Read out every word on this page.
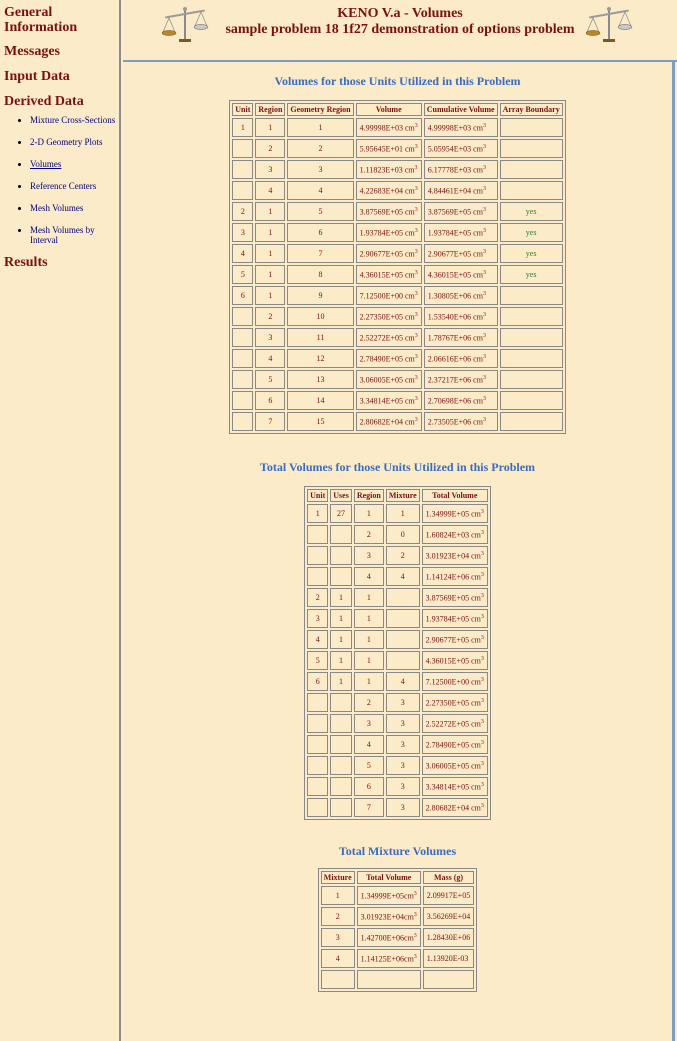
General Information
Messages
Input Data
Derived Data
• Mixture Cross-Sections
• 2-D Geometry Plots
• Volumes
• Reference Centers
• Mesh Volumes
• Mesh Volumes by Interval
Results
KENO V.a - Volumes
sample problem 18 1f27 demonstration of options problem

Volumes for those Units Utilized in this Problem

Unit	Region	Geometry Region	Volume	Cumulative Volume	Array Boundary
1	1	1	4.99998E+03 $cm^3$	4.99998E+03 $cm^3$	
	2	2	5.95645E+01 $cm^3$	5.05954E+03 $cm^3$	
	3	3	1.11823E+03 $cm^3$	6.17778E+03 $cm^3$	
	4	4	4.22683E+04 $cm^3$	4.84461E+04 $cm^3$	
2	1	5	3.87569E+05 $cm^3$	3.87569E+05 $cm^3$	yes
3	1	6	1.93784E+05 $cm^3$	1.93784E+05 $cm^3$	yes
4	1	7	2.90677E+05 $cm^3$	2.90677E+05 $cm^3$	yes
5	1	8	4.36015E+05 $cm^3$	4.36015E+05 $cm^3$	yes
6	1	9	7.12500E+00 $cm^3$	1.30805E+06 $cm^3$	
	2	10	2.27350E+05 $cm^3$	1.53540E+06 $cm^3$	
	3	11	2.52272E+05 $cm^3$	1.78767E+06 $cm^3$	
	4	12	2.78490E+05 $cm^3$	2.06616E+06 $cm^3$	
	5	13	3.06005E+05 $cm^3$	2.37217E+06 $cm^3$	
	6	14	3.34814E+05 $cm^3$	2.70698E+06 $cm^3$	
	7	15	2.80682E+04 $cm^3$	2.73505E+06 $cm^3$	

Total Volumes for those Units Utilized in this Problem

Unit	Uses	Region	Mixture	Total Volume
1	27	1	1	1.34999E+05 $cm^3$
		2	0	1.60824E+03 $cm^3$
		3	2	3.01923E+04 $cm^3$
		4	4	1.14124E+06 $cm^3$
2	1	1		3.87569E+05 $cm^3$
3	1	1		1.93784E+05 $cm^3$
4	1	1		2.90677E+05 $cm^3$
5	1	1		4.36015E+05 $cm^3$
6	1	1	4	7.12500E+00 $cm^3$
		2	3	2.27350E+05 $cm^3$
		3	3	2.52272E+05 $cm^3$
		4	3	2.78490E+05 $cm^3$
		5	3	3.06005E+05 $cm^3$
		6	3	3.34814E+05 $cm^3$
		7	3	2.80682E+04 $cm^3$

Total Mixture Volumes

Mixture	Total Volume	Mass (g)
1	$1.34999E+05cm^3$	2.09917E+05
2	$3.01923E+04cm^3$	3.56269E+04
3	$1.42700E+06cm^3$	1.28430E+06
4	$1.14125E+06cm^3$	1.13920E-03
